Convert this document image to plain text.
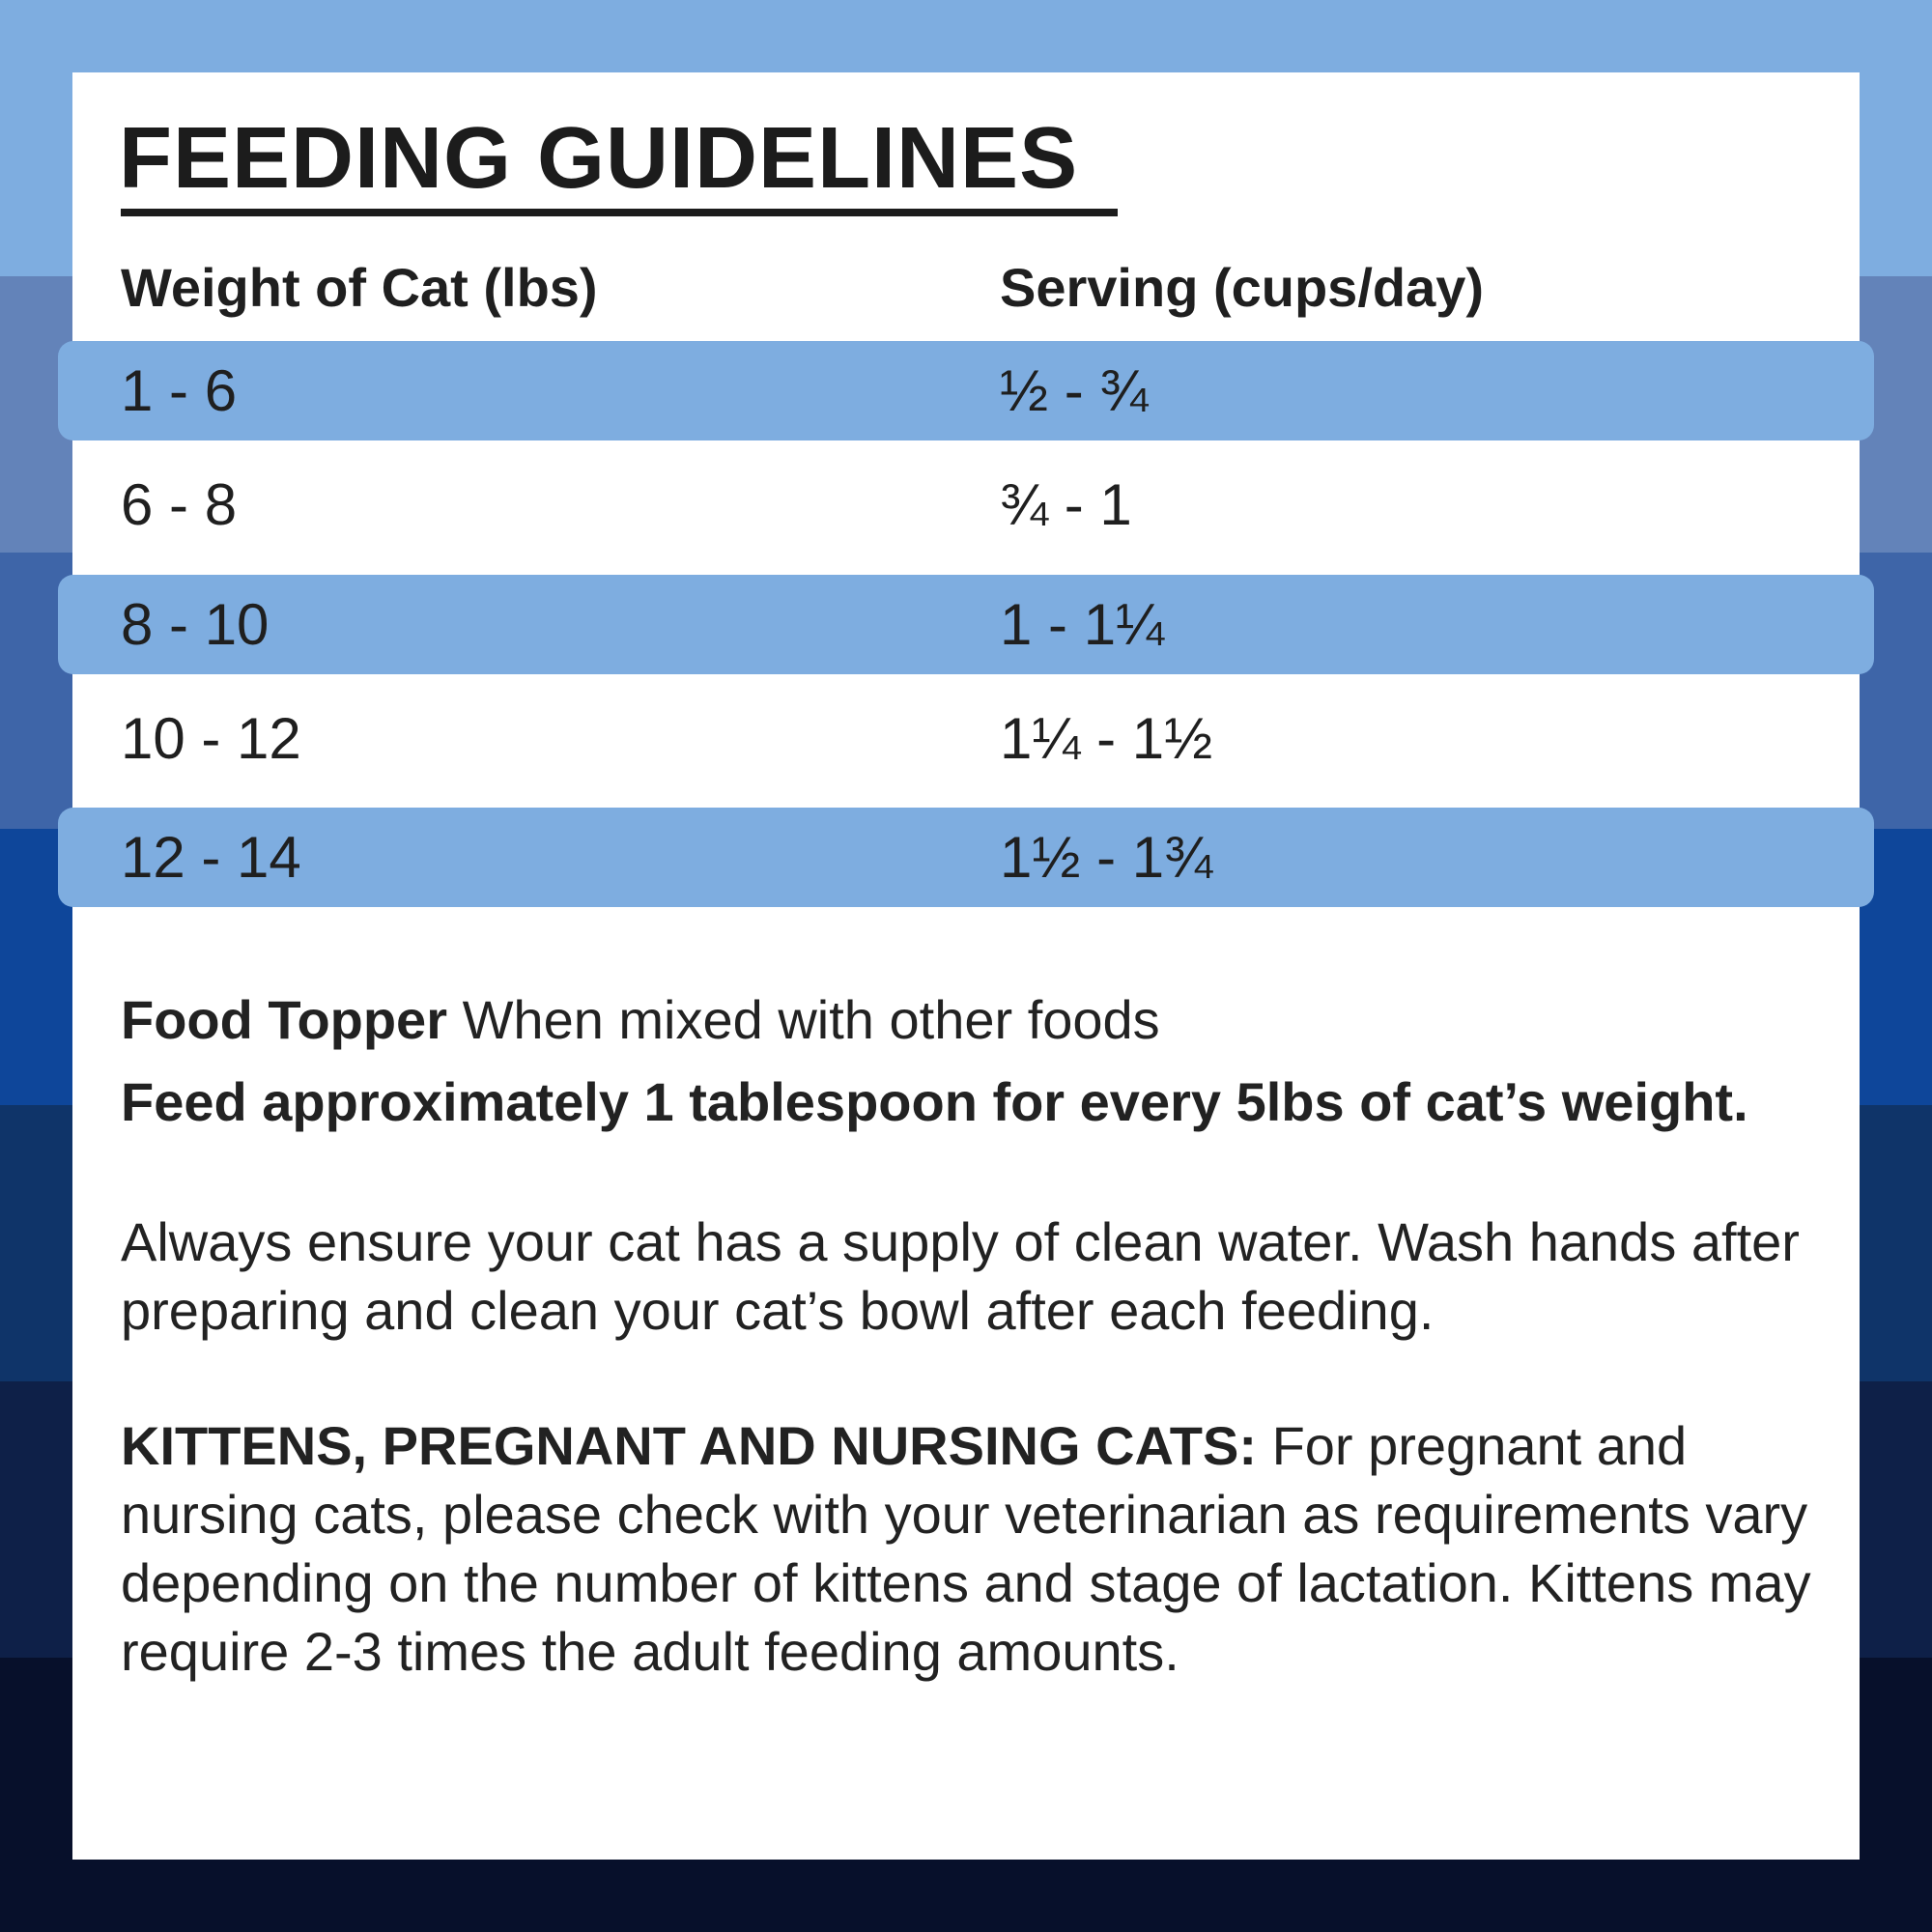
FEEDING GUIDELINES
Weight of Cat (lbs)	Serving (cups/day)
1 - 6	½ - ¾
6 - 8	¾ - 1
8 - 10	1 - 1¼
10 - 12	1¼ - 1½
12 - 14	1½ - 1¾
Food Topper When mixed with other foods
Feed approximately 1 tablespoon for every 5lbs of cat’s weight.
Always ensure your cat has a supply of clean water. Wash hands after preparing and clean your cat’s bowl after each feeding.
KITTENS, PREGNANT AND NURSING CATS: For pregnant and nursing cats, please check with your veterinarian as requirements vary depending on the number of kittens and stage of lactation. Kittens may require 2-3 times the adult feeding amounts.
